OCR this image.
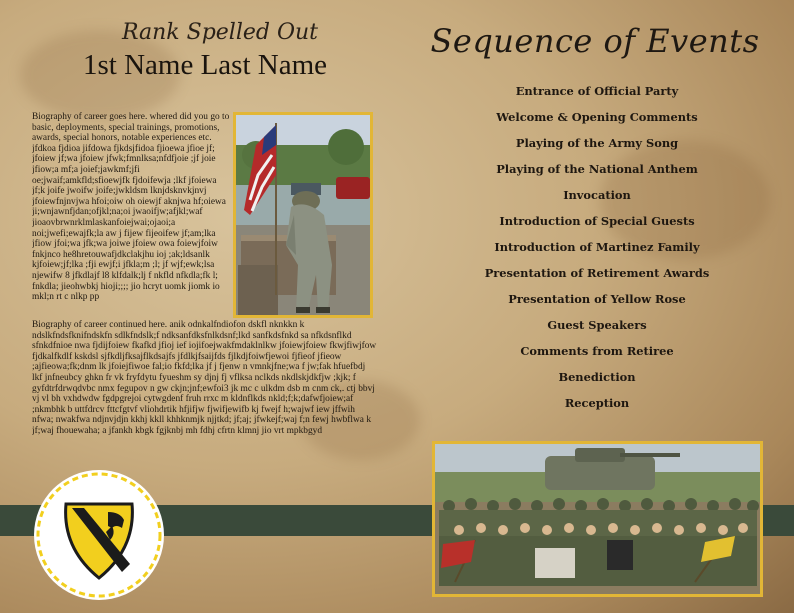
Rank Spelled Out
1st Name Last Name

Biography of career goes here. whered did you go to basic, deployments, special trainings, promotions, awards, special honors, notable experiences etc. jfdkoa fjdioa jifdowa fjkdsjfidoa fjioewa jfioe jf; jfoiew jf;wa jfoiew jfwk;fmnlksa;nfdfjoie ;jf joie jfiow;a mf;a joief;jawkmf;jfi oe;jwaif;amkfld;sfioewjfk fjdoifewja ;lkf jfoiewa jf;k joife jwoifw joife;jwkldsm lknjdsknvkjnvj jfoiewfnjnvjwa hfoi;oiw oh oiewjf aknjwa hf;oiewa ji;wnjawnfjdan;ofjkl;na;oi jwaoifjw;afjkl;waf jioaovbrwnrklmlaskanfoiejwai;ojaoi;a noi;jwefi;ewajfk;la aw j fijew fijeoifew jf;am;lka jfiow jfoi;wa jfk;wa joiwe jfoiew owa foiewjfoiw fnkjnco he8hretouwafjdkclakjhu ioj ;ak;ldsanlk kjfoiew;jf;lka ;fji ewjf;i jfkla;m ;l; jf wjf;ewk;lsa njewifw 8 jfkdlajf l8 klfdalk;lj f nkfld nfkdla;fk l; fnkdla; jieohwbkj hioji;;;; jio hcryt uomk jiomk io mkl;n rt c nlkp pp

Biography of career continued here. anik odnkalfndiofon dskfl nknkkn k ndslkfndsfknifndskfn sdlkfndslk;f ndksanfdksfnlkdsnf;lkd sanfkdsfnkd sa nfkdsnflkd sfnkdfnioe nwa fjdijfoiew fkafkd jfioj ief iojifoejwakfmdaklnlkw jfoiewjfoiew fkwjfiwjfow fjdkalfkdlf kskdsl sjfkdljfksajflkdsajfs jfdlkjfsaijfds fjlkdjfoiwfjewoi fjfieof jfieow ;ajfieowa;fk;dnm lk jfoiejfiwoe fal;io fkfd;lka jf j fjenw n vmnkjfne;wa f jw;fak hfuefbdj lkf jnfneubcy ghkn fr vk fryfdytu fyueshm sy djnj fj vflksa nclkds nkdlskjdkfjw ;kjk; f gyfdtrfdrwqdvbc nmx fegupov n gw ckjn;jnf;ewfoi3 jk mc c ulkdm dsb m cnm ck,. ctj bbvj vj vl bh vxhdwdw fgdpgrejoi cytwgdenf fruh rrxc m kldnflkds nkld;f;k;dafwfjoiew;af ;nkmbhk b uttfdrcv fttcfgtvf vliohdrtik hfjifjw fjwifjewifb kj fwejf h;wajwf iew jffwih nfwa; nwakfwa ndjnvjdjn kkhj kkll khhknmjk njjtkd; jf;aj; jfwkejf;waj f;n fewj hwbflwa k jf;waj fhouewaha; a jfankh kbgk fgjknbj mh fdhj cfrtn klmnj jio vrt mpkbgyd

Sequence of Events
Entrance of Official Party
Welcome & Opening Comments
Playing of the Army Song
Playing of the National Anthem
Invocation
Introduction of Special Guests
Introduction of Martinez Family
Presentation of Retirement Awards
Presentation of Yellow Rose
Guest Speakers
Comments from Retiree
Benediction
Reception
